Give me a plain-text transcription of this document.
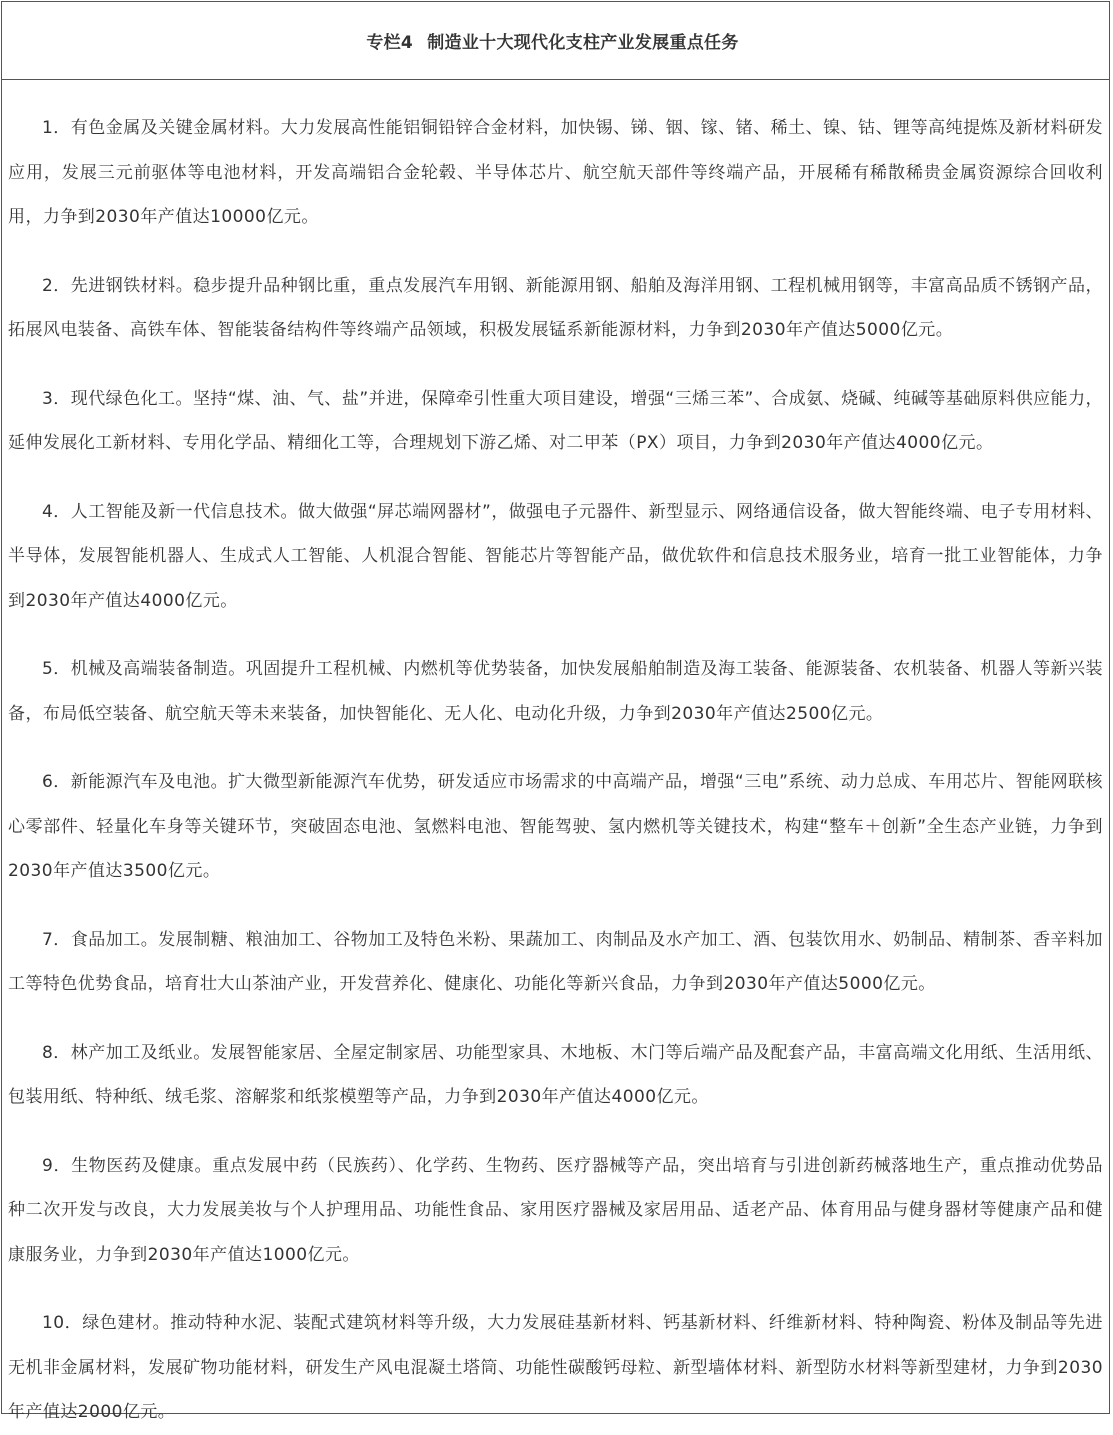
专栏4 制造业十大现代化支柱产业发展重点任务

1．有色金属及关键金属材料。大力发展高性能铝铜铅锌合金材料，加快锡、锑、铟、镓、锗、稀土、镍、钴、锂等高纯提炼及新材料研发应用，发展三元前驱体等电池材料，开发高端铝合金轮毂、半导体芯片、航空航天部件等终端产品，开展稀有稀散稀贵金属资源综合回收利用，力争到2030年产值达10000亿元。

2．先进钢铁材料。稳步提升品种钢比重，重点发展汽车用钢、新能源用钢、船舶及海洋用钢、工程机械用钢等，丰富高品质不锈钢产品，拓展风电装备、高铁车体、智能装备结构件等终端产品领域，积极发展锰系新能源材料，力争到2030年产值达5000亿元。

3．现代绿色化工。坚持“煤、油、气、盐”并进，保障牵引性重大项目建设，增强“三烯三苯”、合成氨、烧碱、纯碱等基础原料供应能力，延伸发展化工新材料、专用化学品、精细化工等，合理规划下游乙烯、对二甲苯（PX）项目，力争到2030年产值达4000亿元。

4．人工智能及新一代信息技术。做大做强“屏芯端网器材”，做强电子元器件、新型显示、网络通信设备，做大智能终端、电子专用材料、半导体，发展智能机器人、生成式人工智能、人机混合智能、智能芯片等智能产品，做优软件和信息技术服务业，培育一批工业智能体，力争到2030年产值达4000亿元。

5．机械及高端装备制造。巩固提升工程机械、内燃机等优势装备，加快发展船舶制造及海工装备、能源装备、农机装备、机器人等新兴装备，布局低空装备、航空航天等未来装备，加快智能化、无人化、电动化升级，力争到2030年产值达2500亿元。

6．新能源汽车及电池。扩大微型新能源汽车优势，研发适应市场需求的中高端产品，增强“三电”系统、动力总成、车用芯片、智能网联核心零部件、轻量化车身等关键环节，突破固态电池、氢燃料电池、智能驾驶、氢内燃机等关键技术，构建“整车＋创新”全生态产业链，力争到2030年产值达3500亿元。

7．食品加工。发展制糖、粮油加工、谷物加工及特色米粉、果蔬加工、肉制品及水产加工、酒、包装饮用水、奶制品、精制茶、香辛料加工等特色优势食品，培育壮大山茶油产业，开发营养化、健康化、功能化等新兴食品，力争到2030年产值达5000亿元。

8．林产加工及纸业。发展智能家居、全屋定制家居、功能型家具、木地板、木门等后端产品及配套产品，丰富高端文化用纸、生活用纸、包装用纸、特种纸、绒毛浆、溶解浆和纸浆模塑等产品，力争到2030年产值达4000亿元。

9．生物医药及健康。重点发展中药（民族药）、化学药、生物药、医疗器械等产品，突出培育与引进创新药械落地生产，重点推动优势品种二次开发与改良，大力发展美妆与个人护理用品、功能性食品、家用医疗器械及家居用品、适老产品、体育用品与健身器材等健康产品和健康服务业，力争到2030年产值达1000亿元。

10．绿色建材。推动特种水泥、装配式建筑材料等升级，大力发展硅基新材料、钙基新材料、纤维新材料、特种陶瓷、粉体及制品等先进无机非金属材料，发展矿物功能材料，研发生产风电混凝土塔筒、功能性碳酸钙母粒、新型墙体材料、新型防水材料等新型建材，力争到2030年产值达2000亿元。
